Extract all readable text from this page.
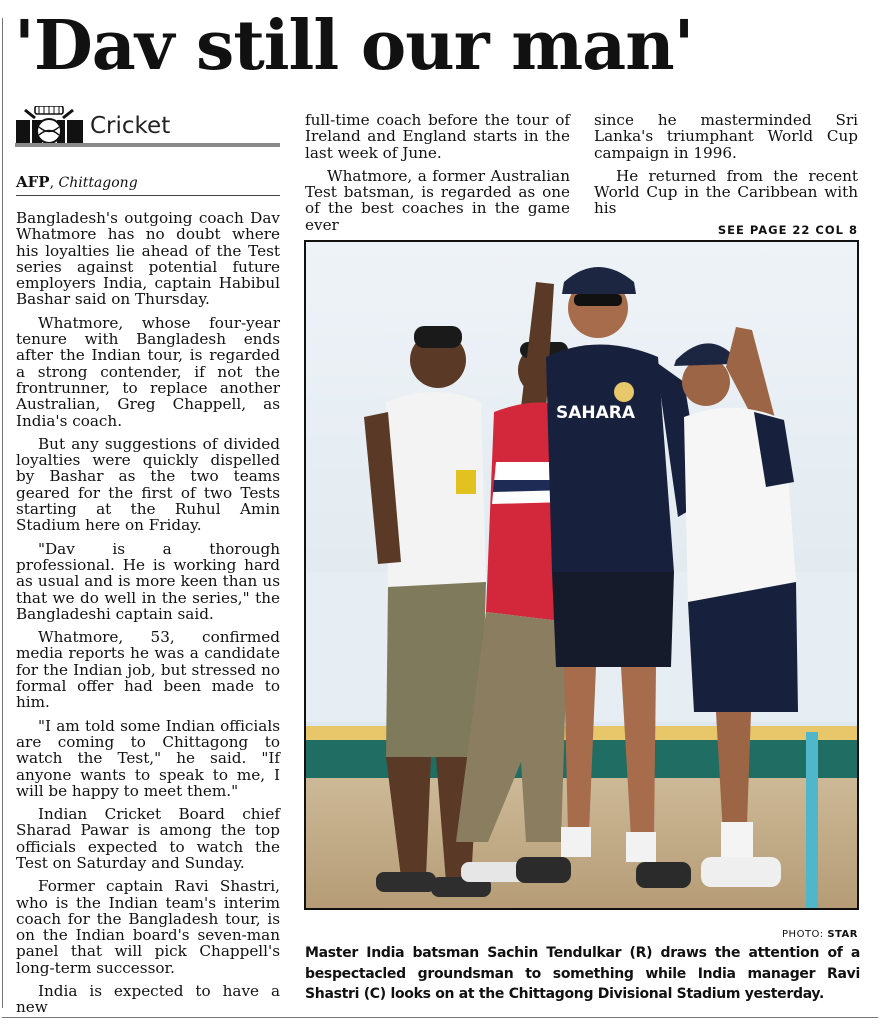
'Dav still our man'
Cricket
AFP, Chittagong

Bangladesh's outgoing coach Dav Whatmore has no doubt where his loyalties lie ahead of the Test series against potential future employers India, captain Habibul Bashar said on Thursday.

Whatmore, whose four-year tenure with Bangladesh ends after the Indian tour, is regarded a strong contender, if not the frontrunner, to replace another Australian, Greg Chappell, as India's coach.

But any suggestions of divided loyalties were quickly dispelled by Bashar as the two teams geared for the first of two Tests starting at the Ruhul Amin Stadium here on Friday.

"Dav is a thorough professional. He is working hard as usual and is more keen than us that we do well in the series," the Bangladeshi captain said.

Whatmore, 53, confirmed media reports he was a candidate for the Indian job, but stressed no formal offer had been made to him.

"I am told some Indian officials are coming to Chittagong to watch the Test," he said. "If anyone wants to speak to me, I will be happy to meet them."

Indian Cricket Board chief Sharad Pawar is among the top officials expected to watch the Test on Saturday and Sunday.

Former captain Ravi Shastri, who is the Indian team's interim coach for the Bangladesh tour, is on the Indian board's seven-man panel that will pick Chappell's long-term successor.

India is expected to have a new

full-time coach before the tour of Ireland and England starts in the last week of June.

Whatmore, a former Australian Test batsman, is regarded as one of the best coaches in the game ever

since he masterminded Sri Lanka's triumphant World Cup campaign in 1996.

He returned from the recent World Cup in the Caribbean with his

SEE PAGE 22 COL 8
SAHARA
PHOTO: STAR
Master India batsman Sachin Tendulkar (R) draws the attention of a bespectacled groundsman to something while India manager Ravi Shastri (C) looks on at the Chittagong Divisional Stadium yesterday.
